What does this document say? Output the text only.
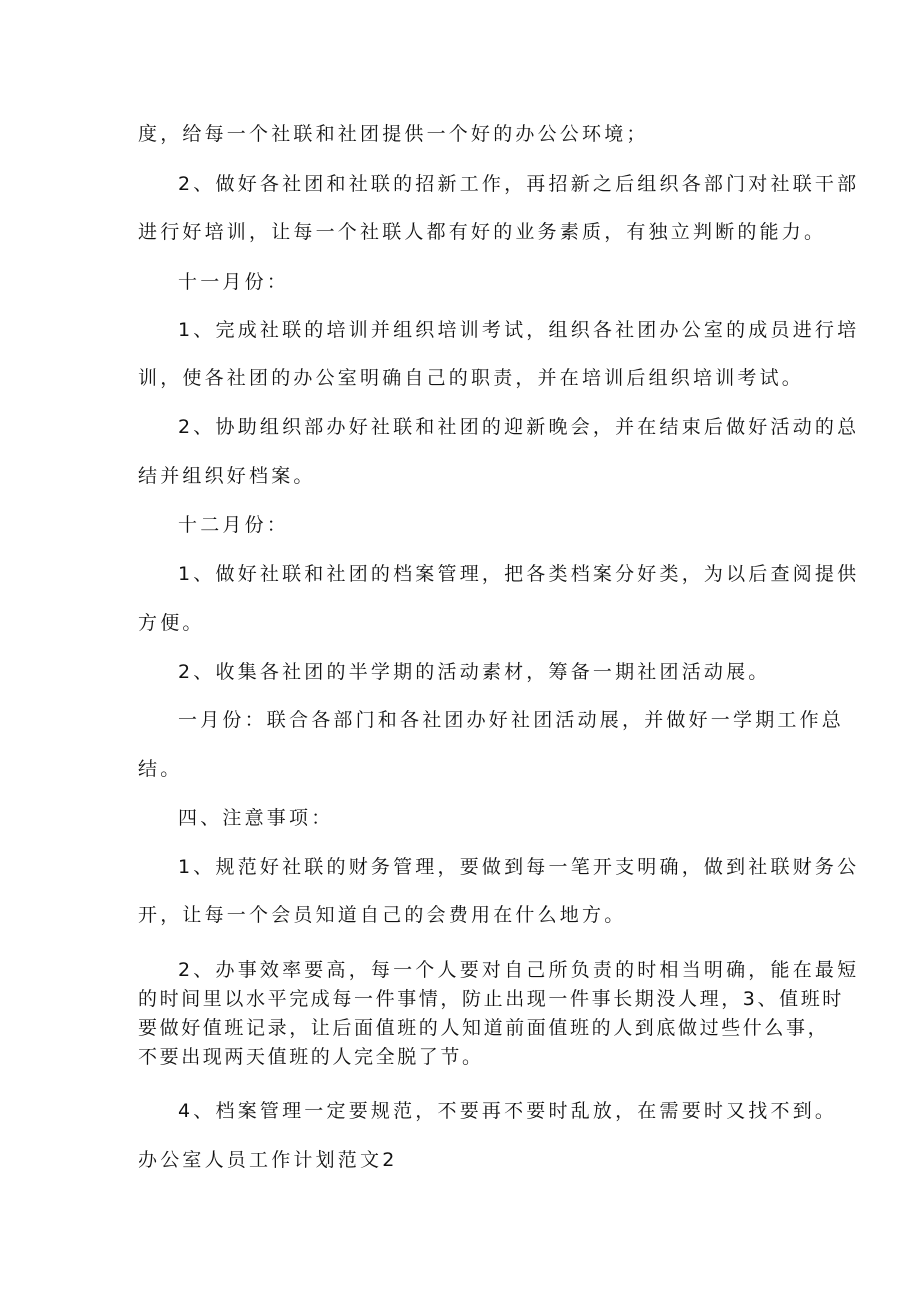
度，给每一个社联和社团提供一个好的办公公环境；
2、做好各社团和社联的招新工作，再招新之后组织各部门对社联干部
进行好培训，让每一个社联人都有好的业务素质，有独立判断的能力。
十一月份：
1、完成社联的培训并组织培训考试，组织各社团办公室的成员进行培
训，使各社团的办公室明确自己的职责，并在培训后组织培训考试。
2、协助组织部办好社联和社团的迎新晚会，并在结束后做好活动的总
结并组织好档案。
十二月份：
1、做好社联和社团的档案管理，把各类档案分好类，为以后查阅提供
方便。
2、收集各社团的半学期的活动素材，筹备一期社团活动展。
一月份：联合各部门和各社团办好社团活动展，并做好一学期工作总
结。
四、注意事项：
1、规范好社联的财务管理，要做到每一笔开支明确，做到社联财务公
开，让每一个会员知道自己的会费用在什么地方。
2、办事效率要高，每一个人要对自己所负责的时相当明确，能在最短
的时间里以水平完成每一件事情，防止出现一件事长期没人理，3、值班时
要做好值班记录，让后面值班的人知道前面值班的人到底做过些什么事，
不要出现两天值班的人完全脱了节。
4、档案管理一定要规范，不要再不要时乱放，在需要时又找不到。
办公室人员工作计划范文2
